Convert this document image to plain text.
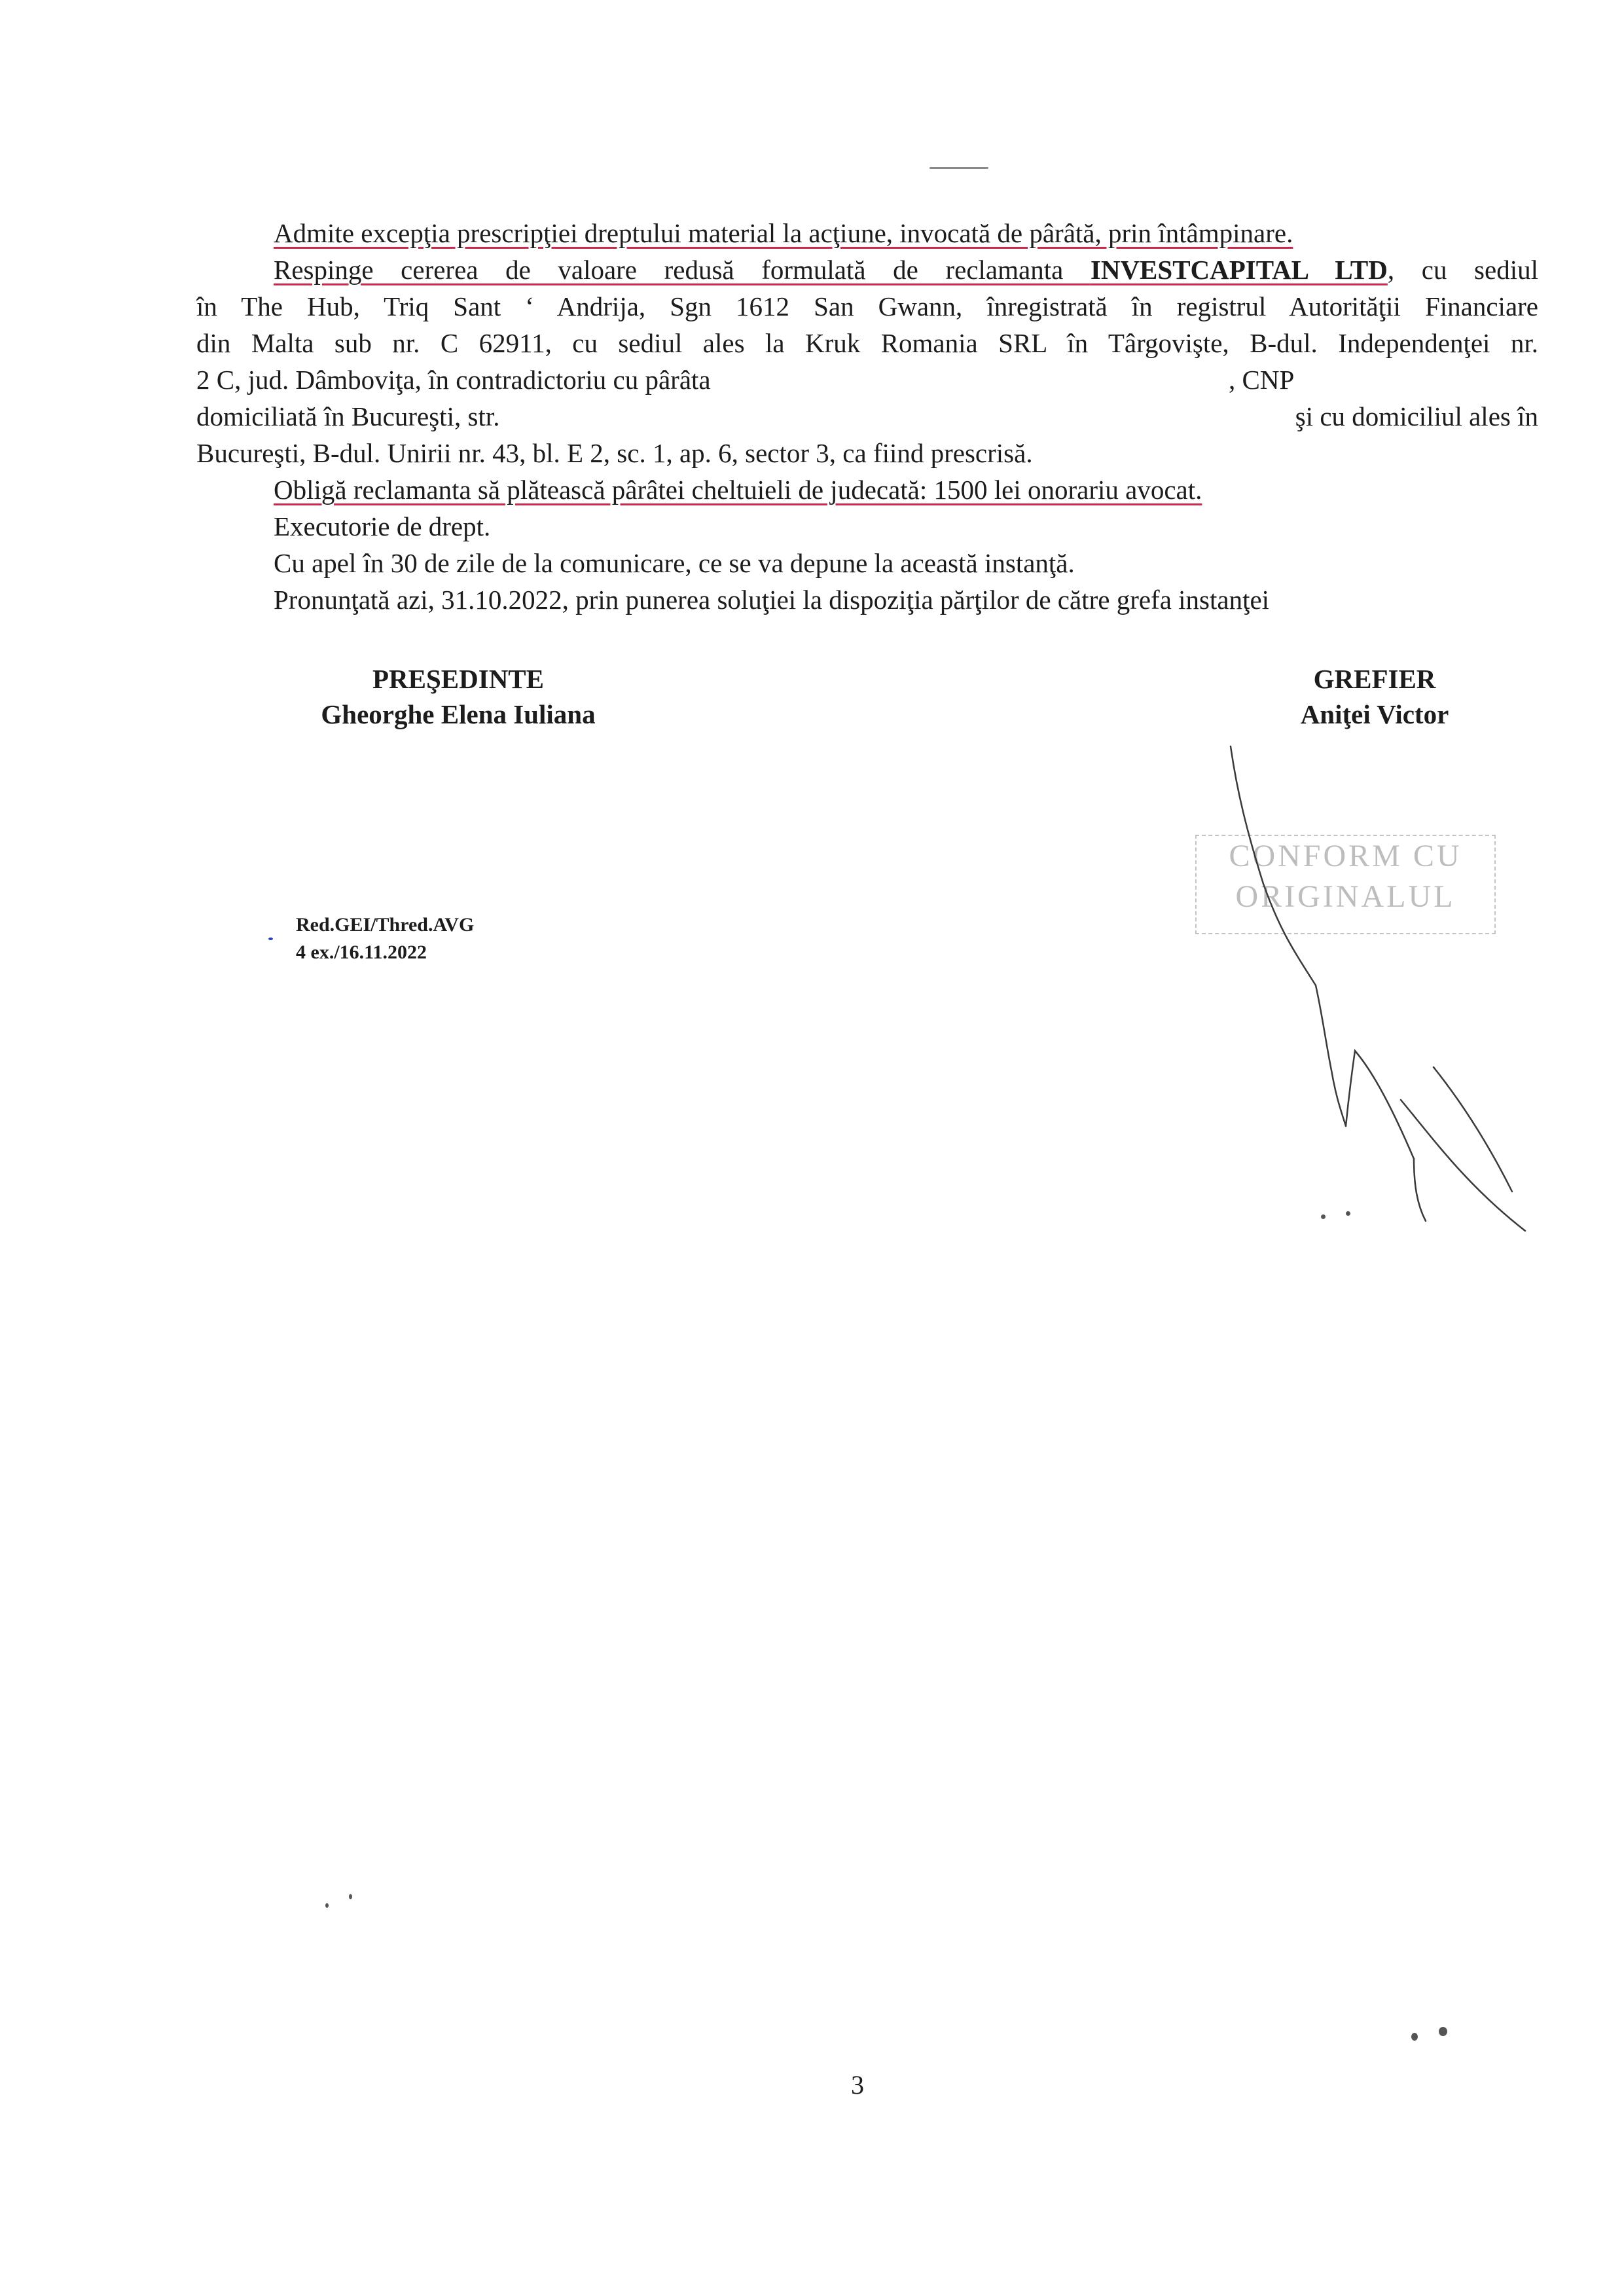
Admite excepţia prescripţiei dreptului material la acţiune, invocată de pârâtă, prin întâmpinare.
Respinge cererea de valoare redusă formulată de reclamanta INVESTCAPITAL LTD, cu sediul
în The Hub, Triq Sant ‘ Andrija, Sgn 1612 San Gwann, înregistrată în registrul Autorităţii Financiare
din Malta sub nr. C 62911, cu sediul ales la Kruk Romania SRL în Târgovişte, B-dul. Independenţei nr.
2 C, jud. Dâmboviţa, în contradictoriu cu pârâta	, CNP
domiciliată în Bucureşti, str.	şi cu domiciliul ales în
Bucureşti, B-dul. Unirii nr. 43, bl. E 2, sc. 1, ap. 6, sector 3, ca fiind prescrisă.
Obligă reclamanta să plătească pârâtei cheltuieli de judecată: 1500 lei onorariu avocat.
Executorie de drept.
Cu apel în 30 de zile de la comunicare, ce se va depune la această instanţă.
Pronunţată azi, 31.10.2022, prin punerea soluţiei la dispoziţia părţilor de către grefa instanţei
PREŞEDINTE
Gheorghe Elena Iuliana
GREFIER
Aniţei Victor
CONFORM CU
ORIGINALUL
Red.GEI/Thred.AVG
4 ex./16.11.2022
3
